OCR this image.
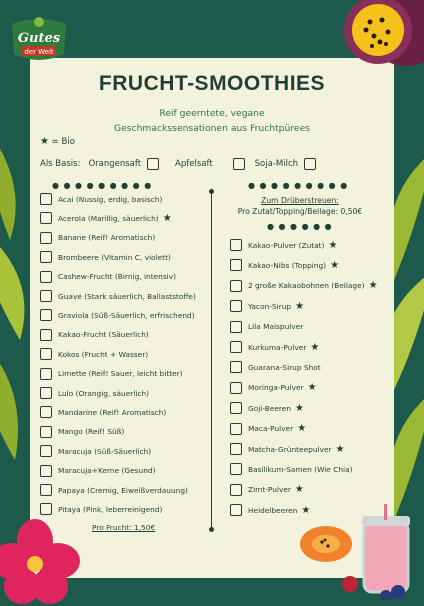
Gutes
der Welt
FRUCHT-SMOOTHIES
Reif geerntete, vegane
Geschmackssensationen aus Fruchtpürees
★ = Bio
Als Basis: Orangensaft	Apfelsaft	Soja-Milch
● ● ● ● ● ● ● ● ●	● ● ● ● ● ● ● ● ●
Zum Drüberstreuen:
Pro Zutat/Topping/Beilage: 0,50€
● ● ● ● ● ●
Acai (Nussig, erdig, basisch)
Acerola (Marillig, säuerlich) ★
Banane (Reif! Aromatisch)
Brombeere (Vitamin C, violett)
Cashew-Frucht (Birnig, intensiv)
Guave (Stark säuerlich, Ballaststoffe)
Graviola (Süß-Säuerlich, erfrischend)
Kakao-Frucht (Säuerlich)
Kokos (Frucht + Wasser)
Limette (Reif! Sauer, leicht bitter)
Lulo (Orangig, säuerlich)
Mandarine (Reif! Aromatisch)
Mango (Reif! Süß)
Maracuja (Süß-Säuerlich)
Maracuja+Kerne (Gesund)
Papaya (Cremig, Eiweißverdauung)
Pitaya (Pink, leberreinigend)
Kakao-Pulver (Zutat) ★
Kakao-Nibs (Topping) ★
2 große Kakaobohnen (Beilage) ★
Yacon-Sirup ★
Lila Maispulver
Kurkuma-Pulver ★
Guarana-Sirup Shot
Moringa-Pulver ★
Goji-Beeren ★
Maca-Pulver ★
Matcha-Grünteepulver ★
Basilikum-Samen (Wie Chia)
Zimt-Pulver ★
Heidelbeeren ★
Pro Frucht: 1,50€
